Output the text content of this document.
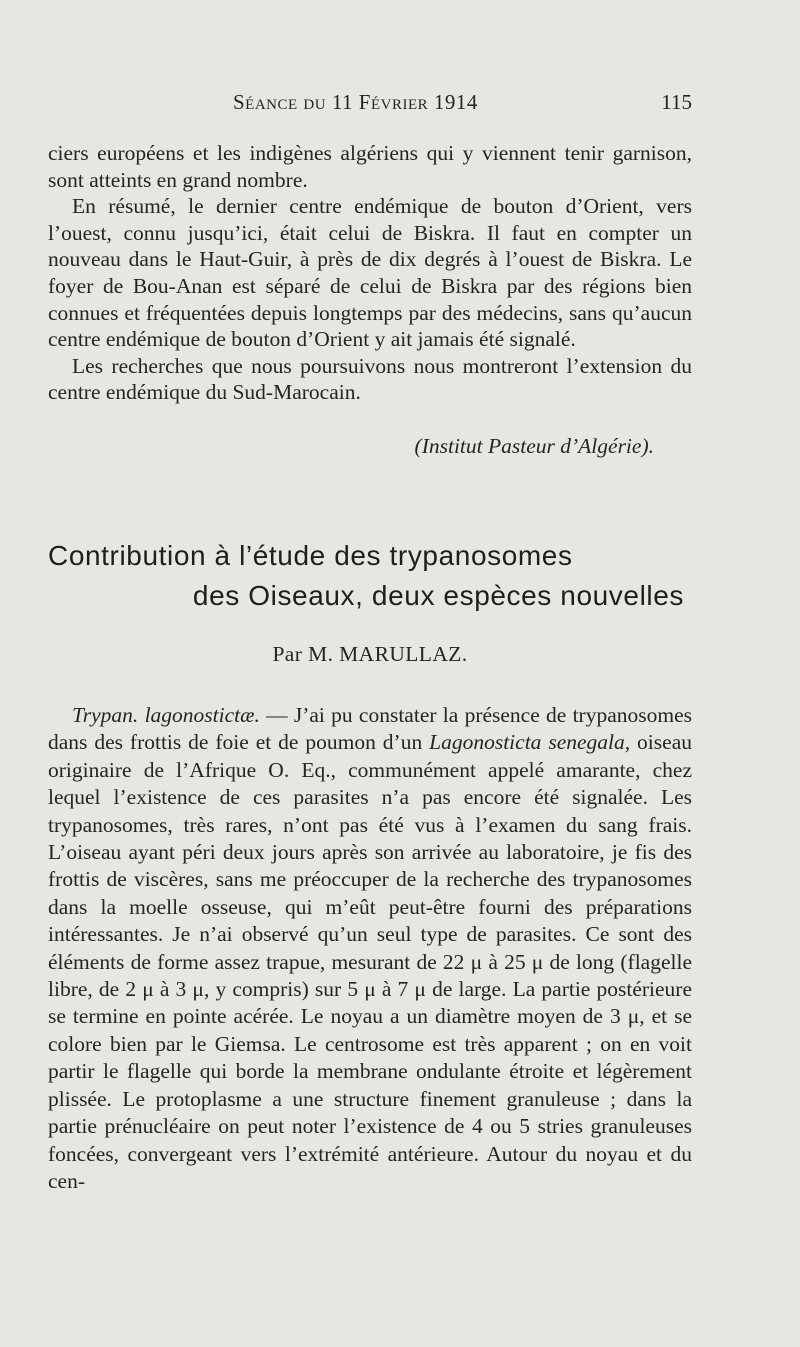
Séance du 11 Février 1914	115

ciers européens et les indigènes algériens qui y viennent tenir garnison, sont atteints en grand nombre.

En résumé, le dernier centre endémique de bouton d’Orient, vers l’ouest, connu jusqu’ici, était celui de Biskra. Il faut en compter un nouveau dans le Haut-Guir, à près de dix degrés à l’ouest de Biskra. Le foyer de Bou-Anan est séparé de celui de Biskra par des régions bien connues et fréquentées depuis longtemps par des médecins, sans qu’aucun centre endémique de bouton d’Orient y ait jamais été signalé.

Les recherches que nous poursuivons nous montreront l’extension du centre endémique du Sud-Marocain.

(Institut Pasteur d’Algérie).
Contribution à l’étude des trypanosomes
des Oiseaux, deux espèces nouvelles
Par M. MARULLAZ.

Trypan. lagonostictæ. — J’ai pu constater la présence de trypanosomes dans des frottis de foie et de poumon d’un Lagonosticta senegala, oiseau originaire de l’Afrique O. Eq., communément appelé amarante, chez lequel l’existence de ces parasites n’a pas encore été signalée. Les trypanosomes, très rares, n’ont pas été vus à l’examen du sang frais. L’oiseau ayant péri deux jours après son arrivée au laboratoire, je fis des frottis de viscères, sans me préoccuper de la recherche des trypanosomes dans la moelle osseuse, qui m’eût peut-être fourni des préparations intéressantes. Je n’ai observé qu’un seul type de parasites. Ce sont des éléments de forme assez trapue, mesurant de 22 μ à 25 μ de long (flagelle libre, de 2 μ à 3 μ, y compris) sur 5 μ à 7 μ de large. La partie postérieure se termine en pointe acérée. Le noyau a un diamètre moyen de 3 μ, et se colore bien par le Giemsa. Le centrosome est très apparent ; on en voit partir le flagelle qui borde la membrane ondulante étroite et légèrement plissée. Le protoplasme a une structure finement granuleuse ; dans la partie prénucléaire on peut noter l’existence de 4 ou 5 stries granuleuses foncées, convergeant vers l’extrémité antérieure. Autour du noyau et du cen-
